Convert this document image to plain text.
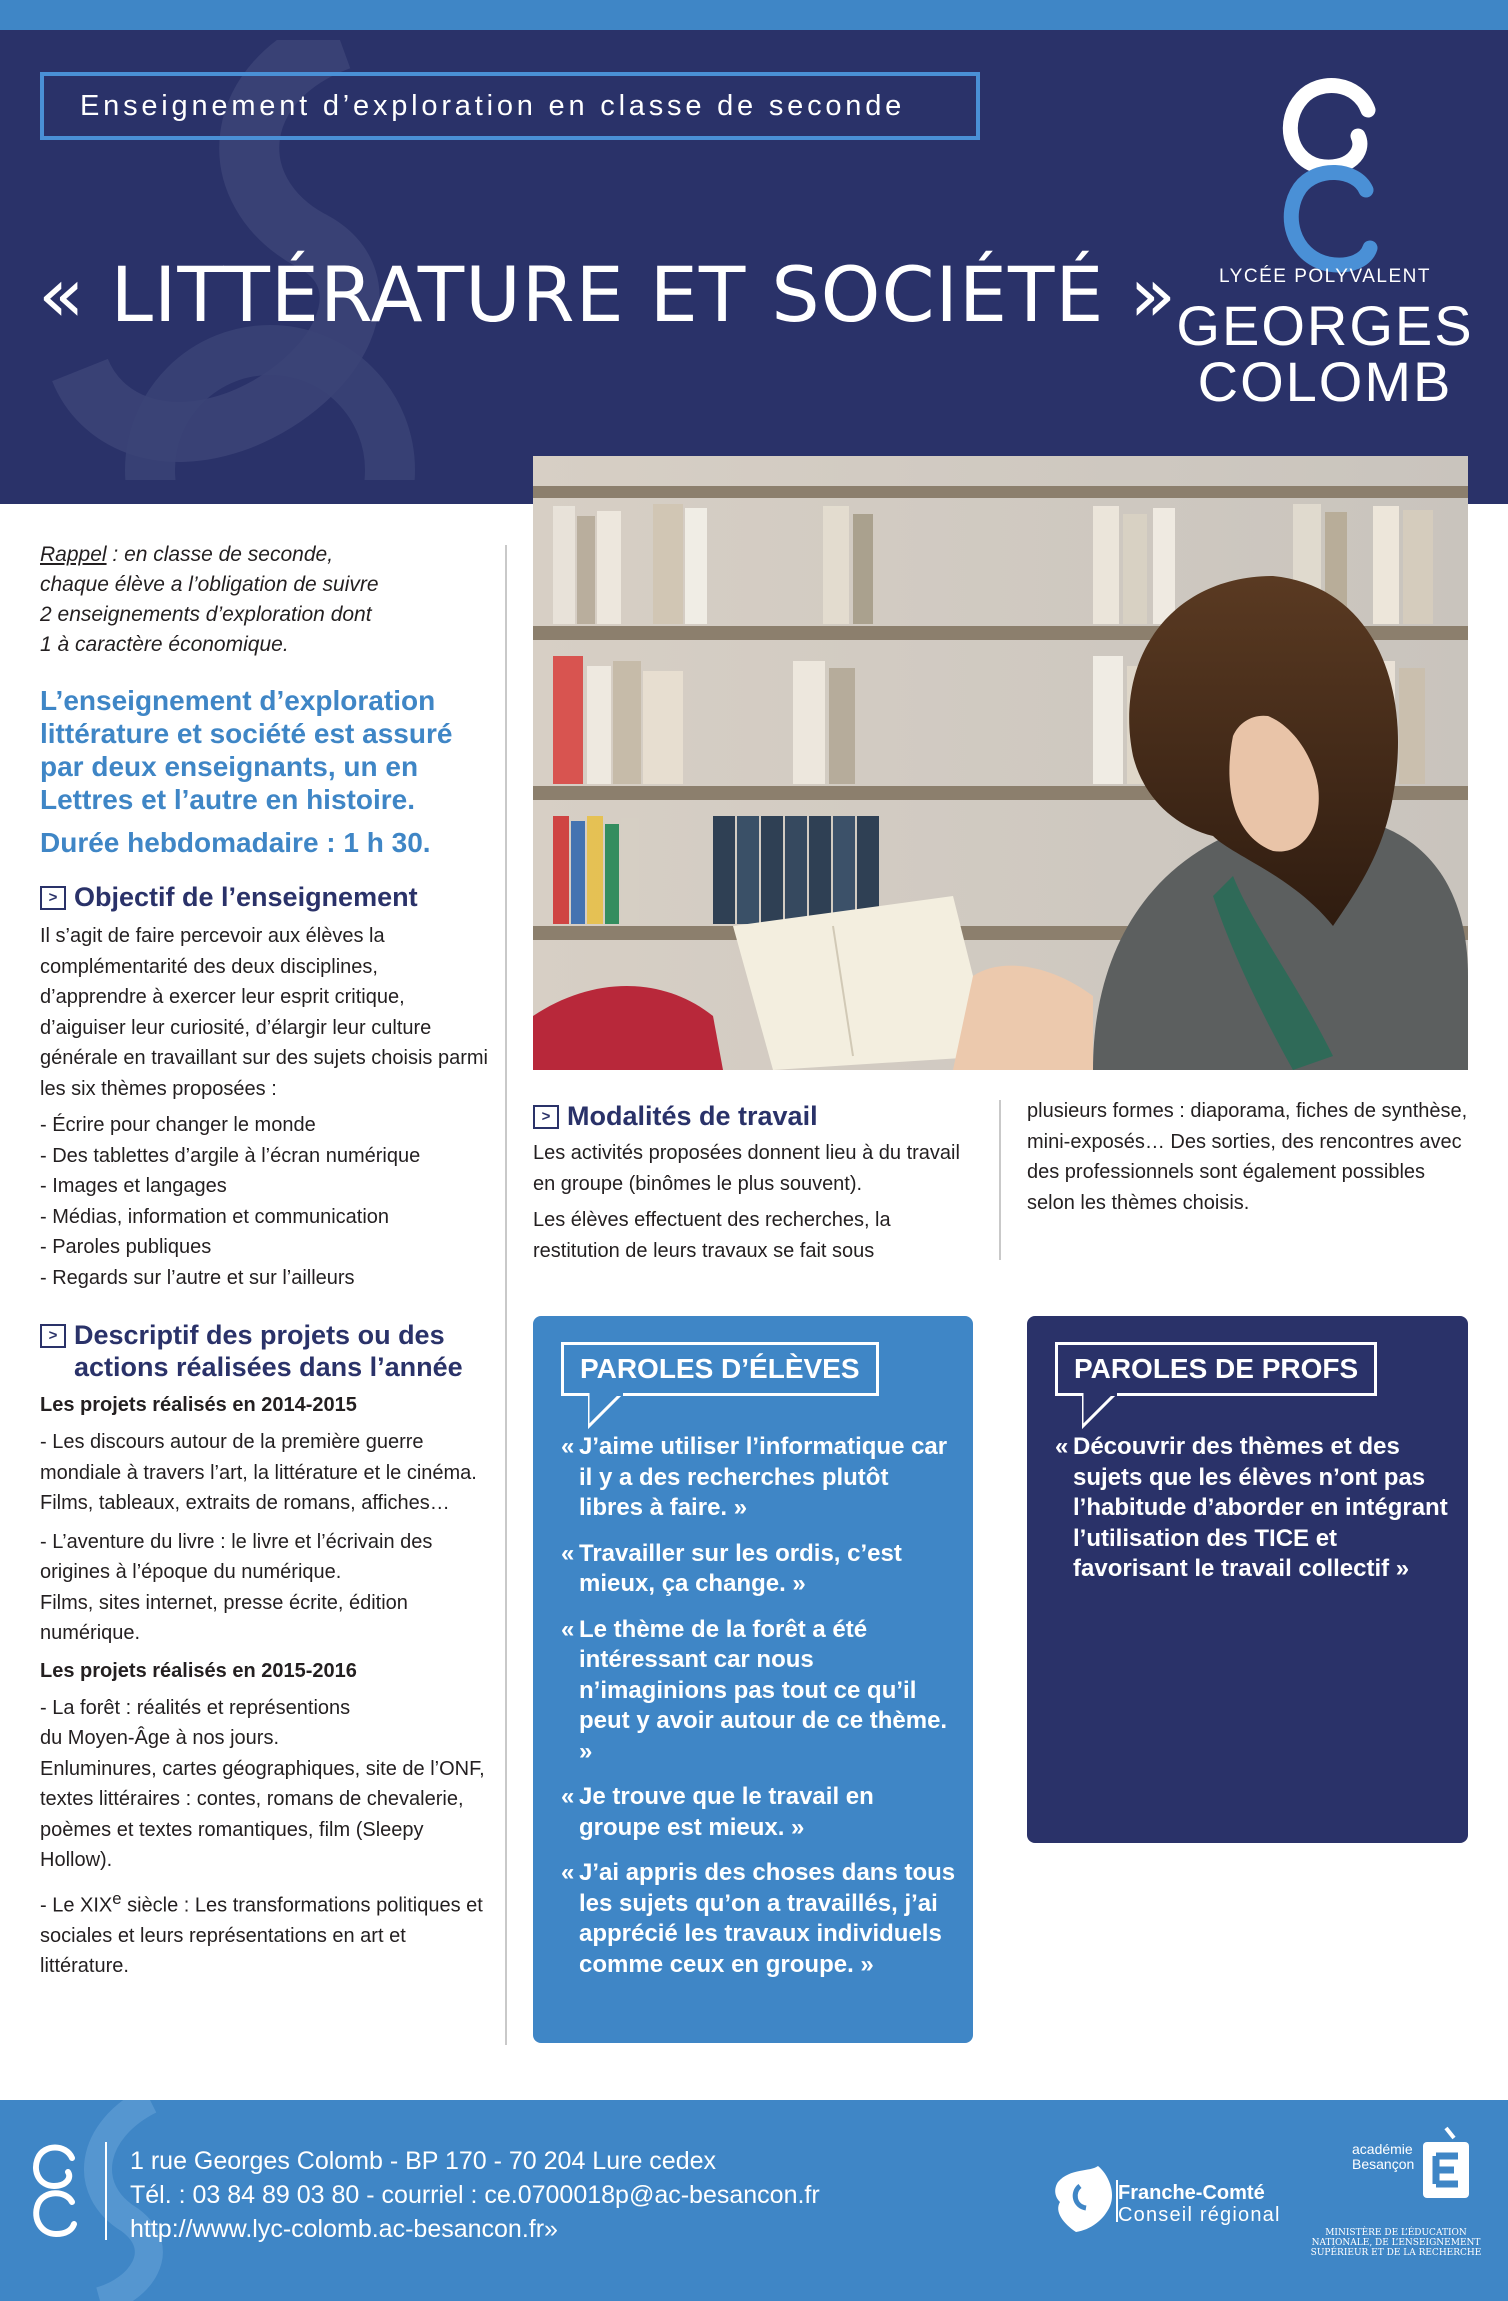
Enseignement d’exploration en classe de seconde
« LITTÉRATURE ET SOCIÉTÉ »	LYCÉE POLYVALENT
GEORGES
COLOMB
Rappel : en classe de seconde,
chaque élève a l’obligation de suivre
2 enseignements d’exploration dont
1 à caractère économique.
L’enseignement d’exploration littérature et société est assuré par deux enseignants, un en Lettres et l’autre en histoire.
Durée hebdomadaire : 1 h 30.
> Objectif de l’enseignement

Il s’agit de faire percevoir aux élèves la complémentarité des deux disciplines, d’apprendre à exercer leur esprit critique, d’aiguiser leur curiosité, d’élargir leur culture générale en travaillant sur des sujets choisis parmi les six thèmes proposées :

- Écrire pour changer le monde
- Des tablettes d’argile à l’écran numérique
- Images et langages
- Médias, information et communication
- Paroles publiques
- Regards sur l’autre et sur l’ailleurs
> Descriptif des projets ou des
actions réalisées dans l’année
Les projets réalisés en 2014-2015
- Les discours autour de la première guerre mondiale à travers l’art, la littérature et le cinéma.
Films, tableaux, extraits de romans, affiches…
- L’aventure du livre : le livre et l’écrivain des origines à l’époque du numérique.
Films, sites internet, presse écrite, édition numérique.
Les projets réalisés en 2015-2016
- La forêt : réalités et représentions
du Moyen-Âge à nos jours.
Enluminures, cartes géographiques, site de l’ONF, textes littéraires : contes, romans de chevalerie, poèmes et textes romantiques, film (Sleepy Hollow).
- Le XIXe siècle : Les transformations politiques et sociales et leurs représentations en art et littérature.
> Modalités de travail

Les activités proposées donnent lieu à du travail en groupe (binômes le plus souvent).

Les élèves effectuent des recherches, la restitution de leurs travaux se fait sous

plusieurs formes : diaporama, fiches de synthèse, mini-exposés… Des sorties, des rencontres avec des professionnels sont également possibles selon les thèmes choisis.

PAROLES D’ÉLÈVES
« J’aime utiliser l’informatique car il y a des recherches plutôt libres à faire. »
« Travailler sur les ordis, c’est mieux, ça change. »
« Le thème de la forêt a été intéressant car nous n’imaginions pas tout ce qu’il peut y avoir autour de ce thème. »
« Je trouve que le travail en groupe est mieux. »
« J’ai appris des choses dans tous les sujets qu’on a travaillés, j’ai apprécié les travaux individuels comme ceux en groupe. »
PAROLES DE PROFS
« Découvrir des thèmes et des sujets que les élèves n’ont pas l’habitude d’aborder en intégrant l’utilisation des TICE et favorisant le travail collectif »
1 rue Georges Colomb - BP 170 - 70 204 Lure cedex
Tél. : 03 84 89 03 80 - courriel : ce.0700018p@ac-besancon.fr
http://www.lyc-colomb.ac-besancon.fr»
Franche-Comté
Conseil régional
académie Besançon
MINISTÈRE DE L’ÉDUCATION NATIONALE, DE L’ENSEIGNEMENT SUPÉRIEUR ET DE LA RECHERCHE
